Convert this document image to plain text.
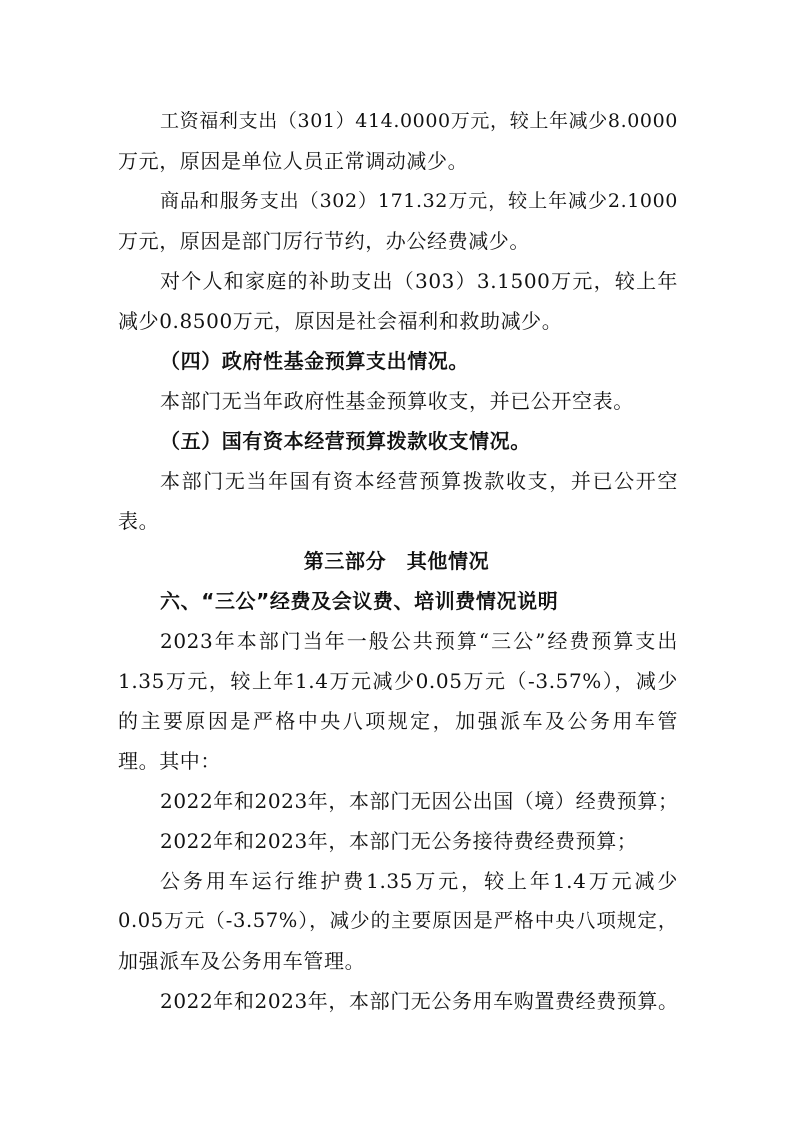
工资福利支出（301）414.0000万元，较上年减少8.0000
万元，原因是单位人员正常调动减少。
商品和服务支出（302）171.32万元，较上年减少2.1000
万元，原因是部门厉行节约，办公经费减少。
对个人和家庭的补助支出（303）3.1500万元，较上年
减少0.8500万元，原因是社会福利和救助减少。
（四）政府性基金预算支出情况。
本部门无当年政府性基金预算收支，并已公开空表。
（五）国有资本经营预算拨款收支情况。
本部门无当年国有资本经营预算拨款收支，并已公开空
表。
第三部分　其他情况
六、“三公”经费及会议费、培训费情况说明
2023年本部门当年一般公共预算“三公”经费预算支出
1.35万元，较上年1.4万元减少0.05万元（-3.57%），减少
的主要原因是严格中央八项规定，加强派车及公务用车管
理。其中：
2022年和2023年，本部门无因公出国（境）经费预算；
2022年和2023年，本部门无公务接待费经费预算；
公务用车运行维护费1.35万元，较上年1.4万元减少
0.05万元（-3.57%），减少的主要原因是严格中央八项规定，
加强派车及公务用车管理。
2022年和2023年，本部门无公务用车购置费经费预算。
